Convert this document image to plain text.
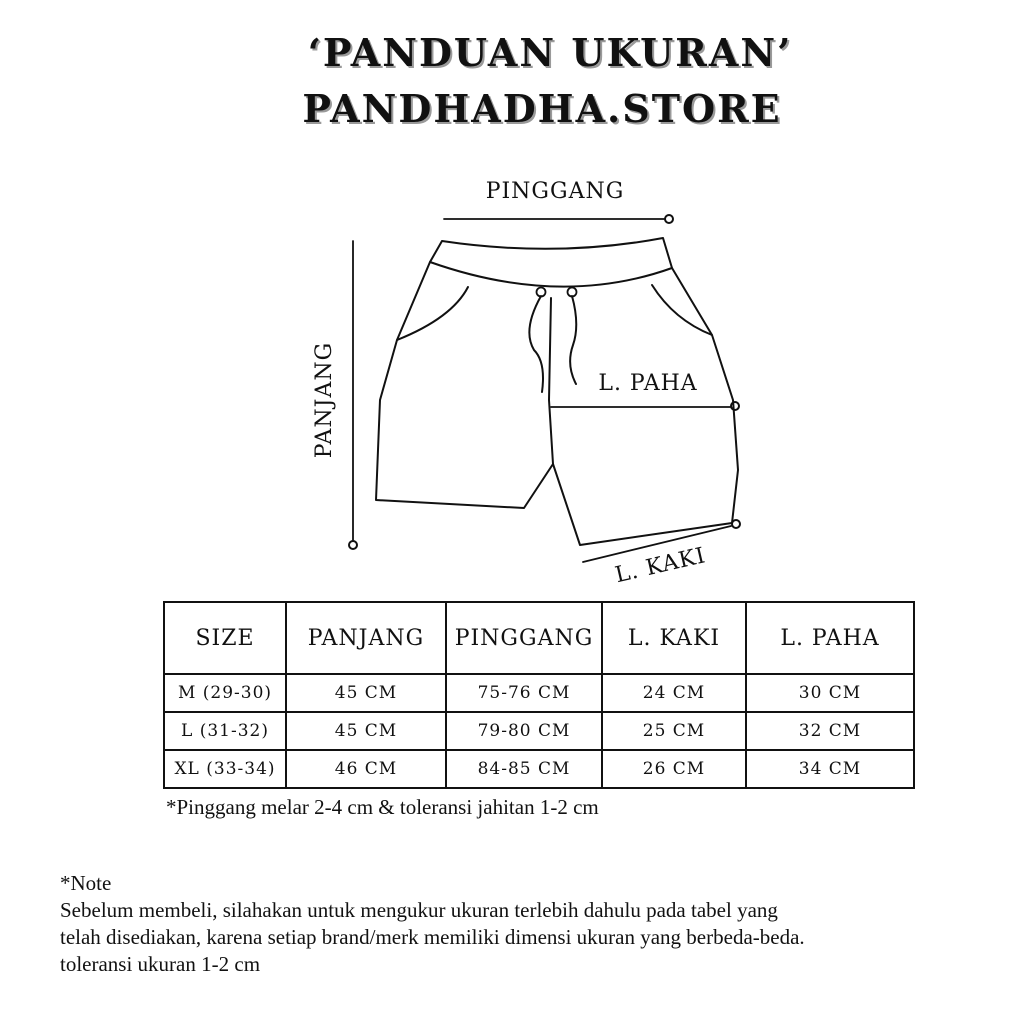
‘PANDUAN UKURAN’
PANDHADHA.STORE
PINGGANG
PANJANG	L. PAHA
L. KAKI
SIZE	PANJANG	PINGGANG	L. KAKI	L. PAHA
M (29-30)	45 CM	75-76 CM	24 CM	30 CM
L (31-32)	45 CM	79-80 CM	25 CM	32 CM
XL (33-34)	46 CM	84-85 CM	26 CM	34 CM
*Pinggang melar 2-4 cm & toleransi jahitan 1-2 cm
*Note
Sebelum membeli, silahakan untuk mengukur ukuran terlebih dahulu pada tabel yang
telah disediakan, karena setiap brand/merk memiliki dimensi ukuran yang berbeda-beda.
toleransi ukuran 1-2 cm
